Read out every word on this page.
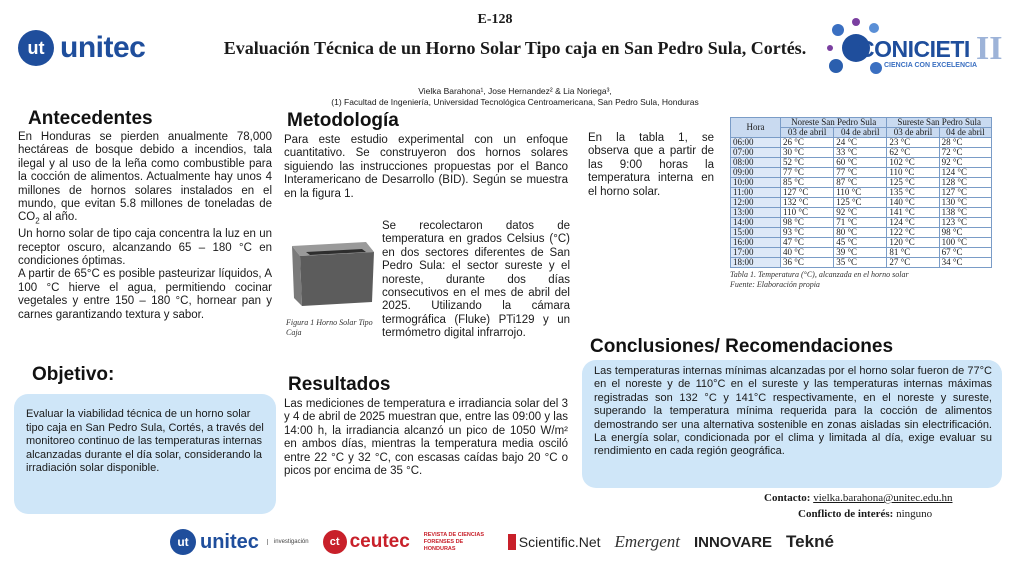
ut unitec
E-128
Evaluación Técnica de un Horno Solar Tipo caja en San Pedro Sula, Cortés.
Vielka Barahona¹, Jose Hernandez² & Lia Noriega³,
(1) Facultad de Ingeniería, Universidad Tecnológica Centroamericana, San Pedro Sula, Honduras
CONICIETI II
CIENCIA CON EXCELENCIA
Antecedentes

En Honduras se pierden anualmente 78,000 hectáreas de bosque debido a incendios, tala ilegal y al uso de la leña como combustible para la cocción de alimentos. Actualmente hay unos 4 millones de hornos solares instalados en el mundo, que evitan 5.8 millones de toneladas de $CO_2$ al año.

Un horno solar de tipo caja concentra la luz en un receptor oscuro, alcanzando 65 – 180 °C en condiciones óptimas.

A partir de 65°C es posible pasteurizar líquidos, A 100 °C hierve el agua, permitiendo cocinar vegetales y entre 150 – 180 °C, hornear pan y carnes garantizando textura y sabor.

Objetivo:

Evaluar la viabilidad técnica de un horno solar tipo caja en San Pedro Sula, Cortés, a través del monitoreo continuo de las temperaturas internas alcanzadas durante el día solar, considerando la irradiación solar disponible.

Metodología
Para este estudio experimental con un enfoque cuantitativo. Se construyeron dos hornos solares siguiendo las instrucciones propuestas por el Banco Interamericano de Desarrollo (BID). Según se muestra en la figura 1.
Figura 1 Horno Solar Tipo Caja
Se recolectaron datos de temperatura en grados Celsius (°C) en dos sectores diferentes de San Pedro Sula: el sector sureste y el noreste, durante dos días consecutivos en el mes de abril del 2025. Utilizando la cámara termográfica (Fluke) PTi129 y un termómetro digital infrarrojo.
Resultados
Las mediciones de temperatura e irradiancia solar del 3 y 4 de abril de 2025 muestran que, entre las 09:00 y las 14:00 h, la irradiancia alcanzó un pico de 1050 W/m² en ambos días, mientras la temperatura media osciló entre 22 °C y 32 °C, con escasas caídas bajo 20 °C o picos por encima de 35 °C.
En la tabla 1, se observa que a partir de las 9:00 horas la temperatura interna en el horno solar.
Hora	Noreste San Pedro Sula		Sureste San Pedro Sula	
	03 de abril	04 de abril	03 de abril	04 de abril
06:00	26 °C	24 °C	23 °C	28 °C
07:00	30 °C	33 °C	62 °C	72 °C
08:00	52 °C	60 °C	102 °C	92 °C
09:00	77 °C	77 °C	110 °C	124 °C
10:00	85 °C	87 °C	125 °C	128 °C
11:00	127 °C	110 °C	135 °C	127 °C
12:00	132 °C	125 °C	140 °C	130 °C
13:00	110 °C	92 °C	141 °C	138 °C
14:00	98 °C	71 °C	124 °C	123 °C
15:00	93 °C	80 °C	122 °C	98 °C
16:00	47 °C	45 °C	120 °C	100 °C
17:00	40 °C	39 °C	81 °C	67 °C
18:00	36 °C	35 °C	27 °C	34 °C
Tabla 1. Temperatura (°C), alcanzada en el horno solar
Fuente: Elaboración propia
Conclusiones/ Recomendaciones

Las temperaturas internas mínimas alcanzadas por el horno solar fueron de 77°C en el noreste y de 110°C en el sureste y las temperaturas internas máximas registradas son 132 °C y 141°C respectivamente, en el noreste y sureste, superando la temperatura mínima requerida para la cocción de alimentos demostrando ser una alternativa sostenible en zonas aisladas sin electrificación. La energía solar, condicionada por el clima y limitada al día, exige evaluar su rendimiento en cada región geográfica.

Contacto: vielka.barahona@unitec.edu.hn
Conflicto de interés: ninguno
ut unitec	investigación	ct ceutec	REVISTA DE CIENCIAS FORENSES DE HONDURAS	Scientific.Net Emergent INNOVARE Tekné
